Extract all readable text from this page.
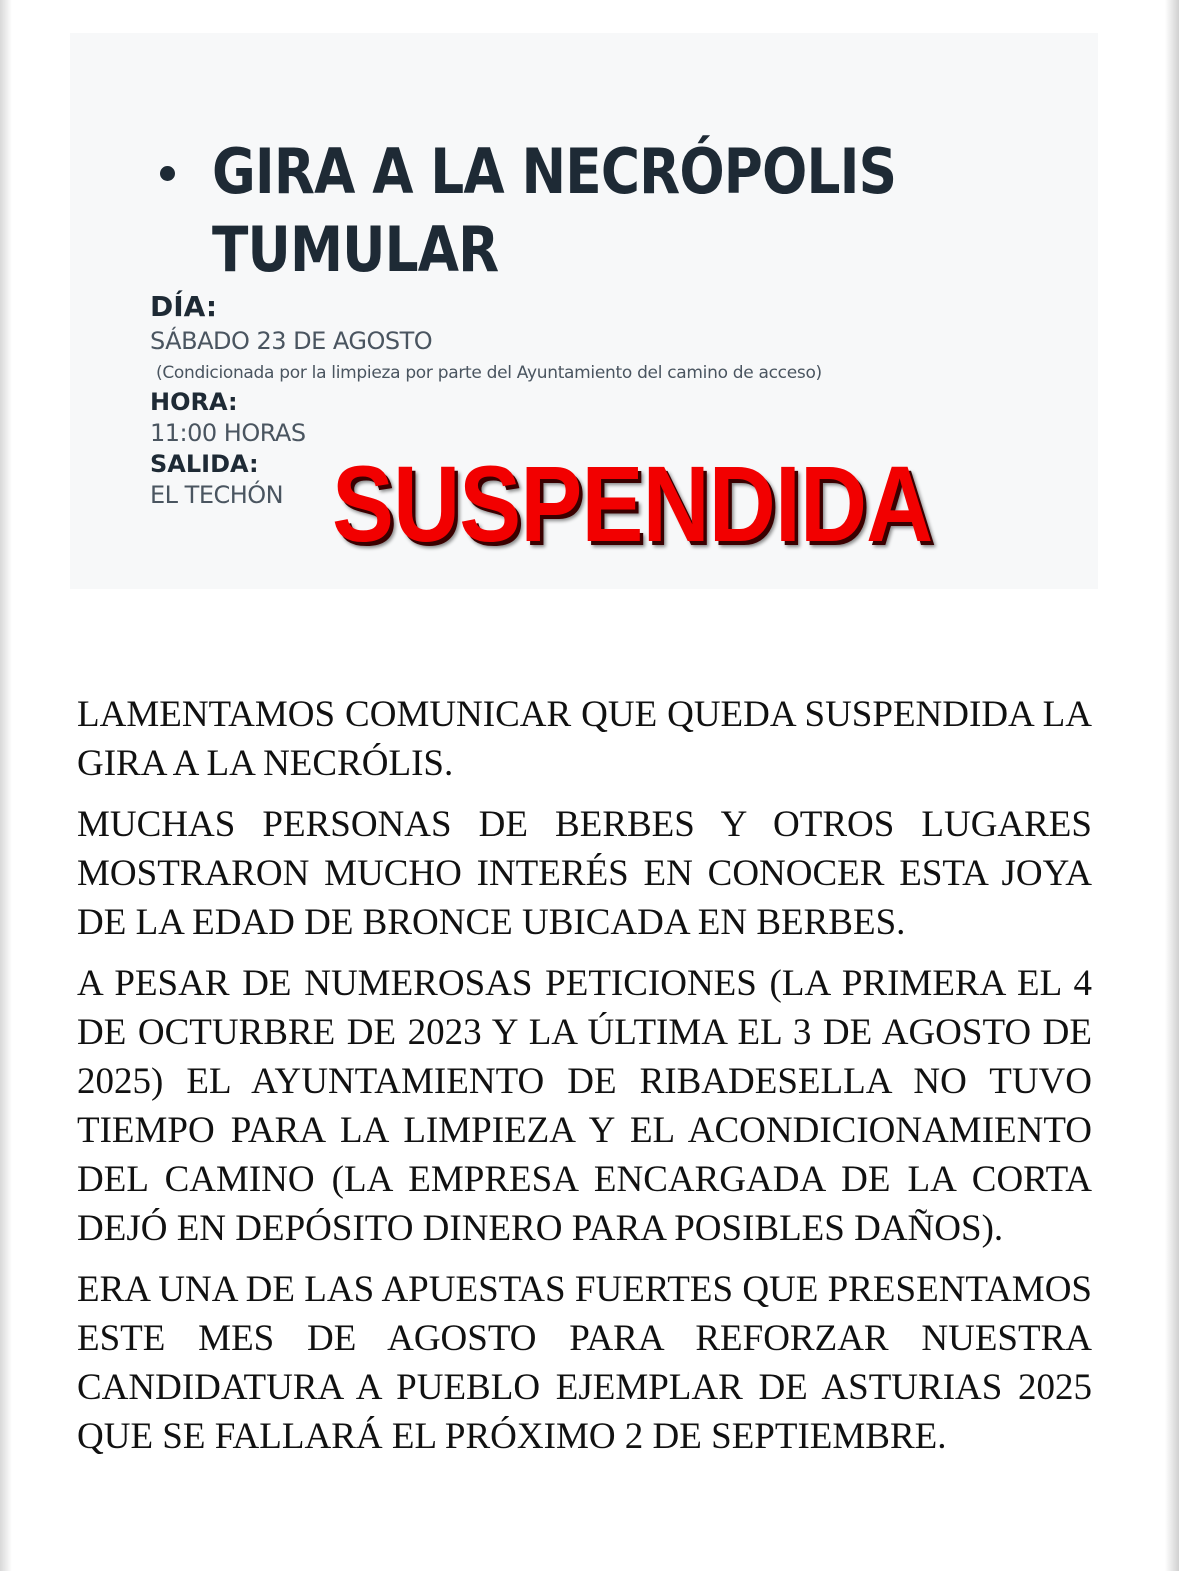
GIRA A LA NECRÓPOLIS
TUMULAR
DÍA:
SÁBADO 23 DE AGOSTO
(Condicionada por la limpieza por parte del Ayuntamiento del camino de acceso)
HORA:
11:00 HORAS
SALIDA:
EL TECHÓN SUSPENDIDA

LAMENTAMOS COMUNICAR QUE QUEDA SUSPENDIDA LA GIRA A LA NECRÓLIS.

MUCHAS PERSONAS DE BERBES Y OTROS LUGARES MOSTRARON MUCHO INTERÉS EN CONOCER ESTA JOYA DE LA EDAD DE BRONCE UBICADA EN BERBES.

A PESAR DE NUMEROSAS PETICIONES (LA PRIMERA EL 4 DE OCTURBRE DE 2023 Y LA ÚLTIMA EL 3 DE AGOSTO DE 2025) EL AYUNTAMIENTO DE RIBADESELLA NO TUVO TIEMPO PARA LA LIMPIEZA Y EL ACONDICIONAMIENTO DEL CAMINO (LA EMPRESA ENCARGADA DE LA CORTA DEJÓ EN DEPÓSITO DINERO PARA POSIBLES DAÑOS).

ERA UNA DE LAS APUESTAS FUERTES QUE PRESENTAMOS ESTE MES DE AGOSTO PARA REFORZAR NUESTRA CANDIDATURA A PUEBLO EJEMPLAR DE ASTURIAS 2025 QUE SE FALLARÁ EL PRÓXIMO 2 DE SEPTIEMBRE.
